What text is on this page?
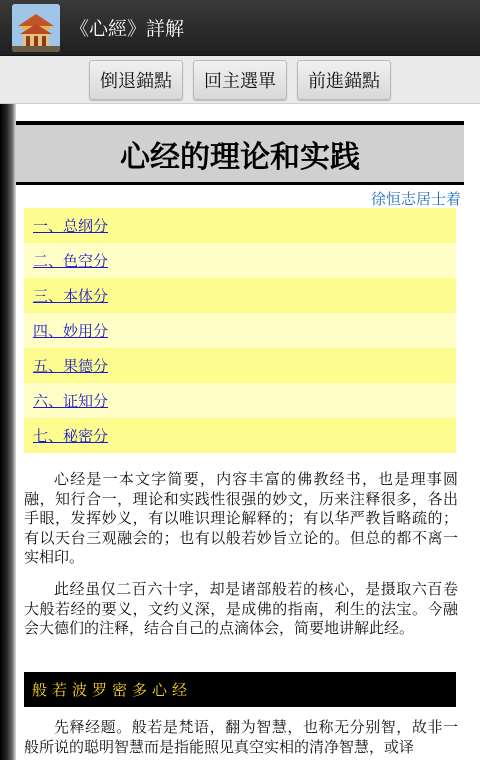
《心經》詳解
倒退錨點	回主選單	前進錨點
心经的理论和实践
徐恒志居士着
一、总纲分
二、色空分
三、本体分
四、妙用分
五、果德分
六、证知分
七、秘密分

心经是一本文字简要，内容丰富的佛教经书，也是理事圆融，知行合一，理论和实践性很强的妙文，历来注释很多，各出手眼，发挥妙义，有以唯识理论解释的；有以华严教旨略疏的；有以天台三观融会的；也有以般若妙旨立论的。但总的都不离一实相印。

此经虽仅二百六十字，却是诸部般若的核心，是摄取六百卷大般若经的要义，文约义深，是成佛的指南，利生的法宝。今融会大德们的注释，结合自己的点滴体会，简要地讲解此经。

般若波罗密多心经

先释经题。般若是梵语，翻为智慧，也称无分别智，故非一般所说的聪明智慧而是指能照见真空实相的清净智慧，或译
